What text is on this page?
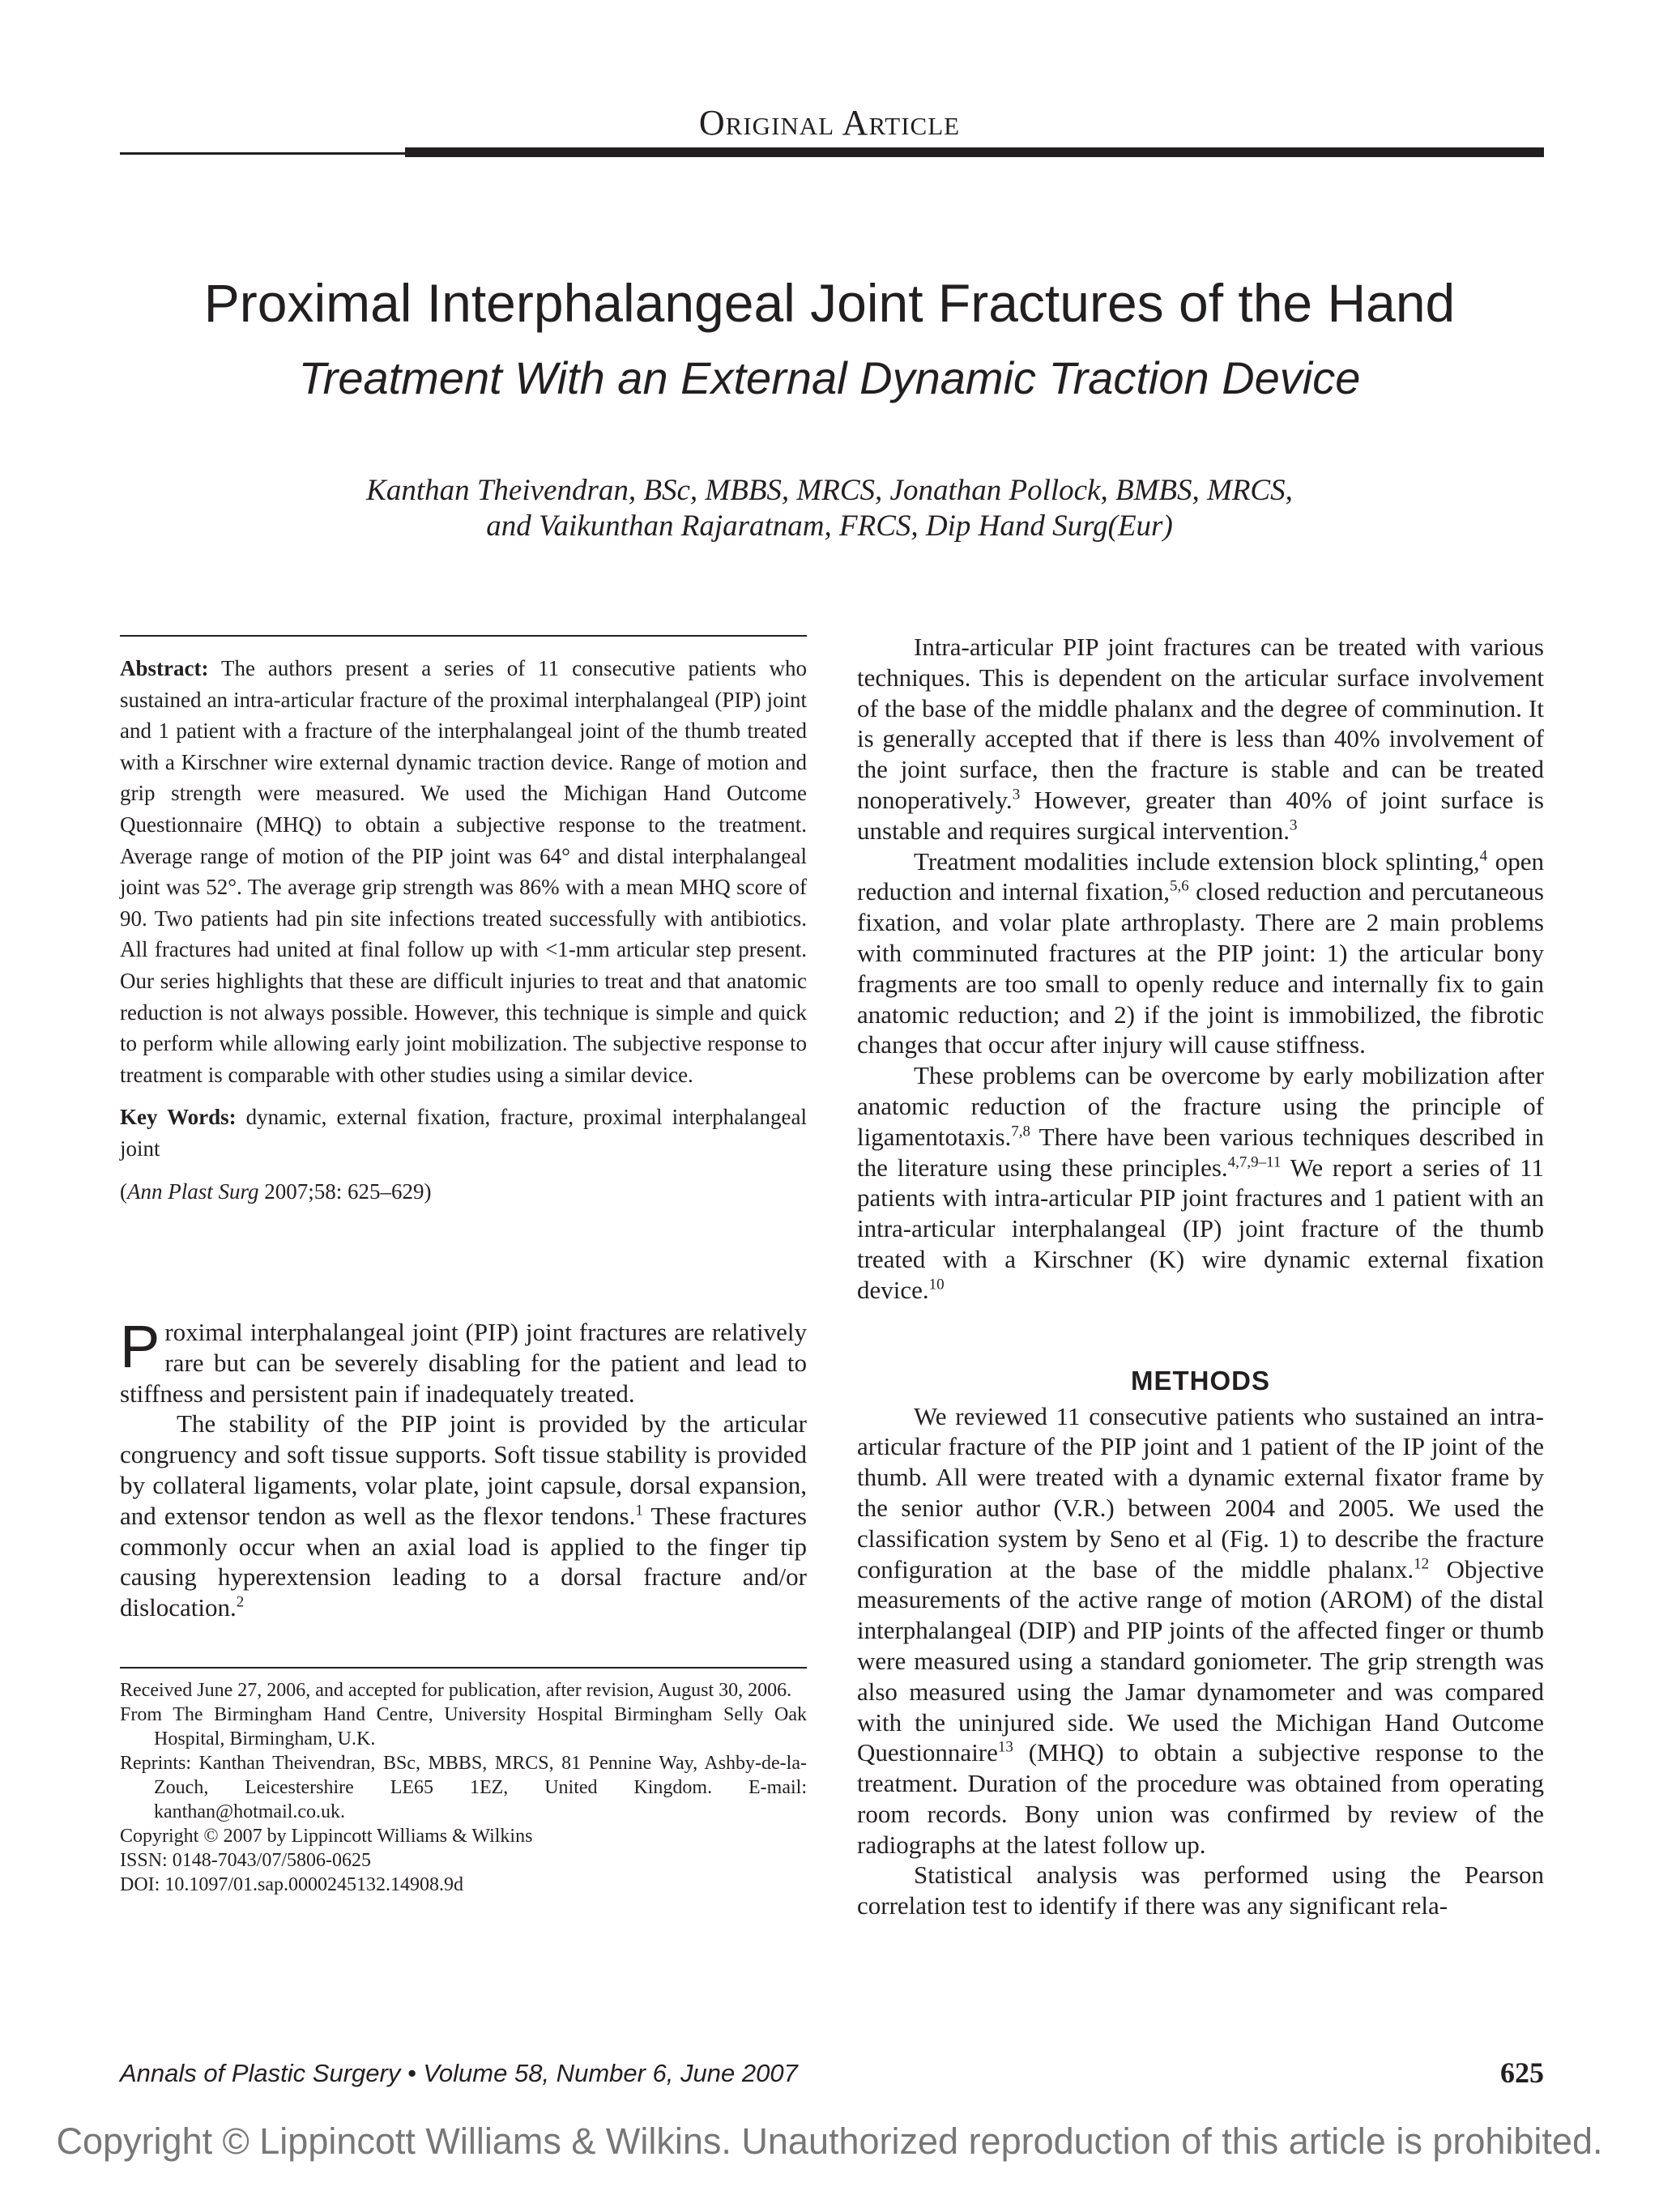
Original Article
Proximal Interphalangeal Joint Fractures of the Hand
Treatment With an External Dynamic Traction Device
Kanthan Theivendran, BSc, MBBS, MRCS, Jonathan Pollock, BMBS, MRCS,
and Vaikunthan Rajaratnam, FRCS, Dip Hand Surg(Eur)

Abstract: The authors present a series of 11 consecutive patients who sustained an intra-articular fracture of the proximal interphalangeal (PIP) joint and 1 patient with a fracture of the interphalangeal joint of the thumb treated with a Kirschner wire external dynamic traction device. Range of motion and grip strength were measured. We used the Michigan Hand Outcome Questionnaire (MHQ) to obtain a subjective response to the treatment. Average range of motion of the PIP joint was 64° and distal interphalangeal joint was 52°. The average grip strength was 86% with a mean MHQ score of 90. Two patients had pin site infections treated successfully with antibiotics. All fractures had united at final follow up with <1-mm articular step present. Our series highlights that these are difficult injuries to treat and that anatomic reduction is not always possible. However, this technique is simple and quick to perform while allowing early joint mobilization. The subjective response to treatment is comparable with other studies using a similar device.

Key Words: dynamic, external fixation, fracture, proximal interphalangeal joint

(Ann Plast Surg 2007;58: 625–629)

Proximal interphalangeal joint (PIP) joint fractures are relatively rare but can be severely disabling for the patient and lead to stiffness and persistent pain if inadequately treated.

The stability of the PIP joint is provided by the articular congruency and soft tissue supports. Soft tissue stability is provided by collateral ligaments, volar plate, joint capsule, dorsal expansion, and extensor tendon as well as the flexor tendons.$^1$ These fractures commonly occur when an axial load is applied to the finger tip causing hyperextension leading to a dorsal fracture and/or dislocation.$^2$

Received June 27, 2006, and accepted for publication, after revision, August 30, 2006.

From The Birmingham Hand Centre, University Hospital Birmingham Selly Oak Hospital, Birmingham, U.K.

Reprints: Kanthan Theivendran, BSc, MBBS, MRCS, 81 Pennine Way, Ashby-de-la-Zouch, Leicestershire LE65 1EZ, United Kingdom. E-mail: kanthan@hotmail.co.uk.

Copyright © 2007 by Lippincott Williams & Wilkins

ISSN: 0148-7043/07/5806-0625

DOI: 10.1097/01.sap.0000245132.14908.9d

Intra-articular PIP joint fractures can be treated with various techniques. This is dependent on the articular surface involvement of the base of the middle phalanx and the degree of comminution. It is generally accepted that if there is less than 40% involvement of the joint surface, then the fracture is stable and can be treated nonoperatively.$^3$ However, greater than 40% of joint surface is unstable and requires surgical intervention.$^3$

Treatment modalities include extension block splinting,$^4$ open reduction and internal fixation,$^{5,6}$ closed reduction and percutaneous fixation, and volar plate arthroplasty. There are 2 main problems with comminuted fractures at the PIP joint: 1) the articular bony fragments are too small to openly reduce and internally fix to gain anatomic reduction; and 2) if the joint is immobilized, the fibrotic changes that occur after injury will cause stiffness.

These problems can be overcome by early mobilization after anatomic reduction of the fracture using the principle of ligamentotaxis.$^{7,8}$ There have been various techniques described in the literature using these principles.$^{4,7,9-11}$ We report a series of 11 patients with intra-articular PIP joint fractures and 1 patient with an intra-articular interphalangeal (IP) joint fracture of the thumb treated with a Kirschner (K) wire dynamic external fixation device.$^{10}$

METHODS

We reviewed 11 consecutive patients who sustained an intra-articular fracture of the PIP joint and 1 patient of the IP joint of the thumb. All were treated with a dynamic external fixator frame by the senior author (V.R.) between 2004 and 2005. We used the classification system by Seno et al (Fig. 1) to describe the fracture configuration at the base of the middle phalanx.$^{12}$ Objective measurements of the active range of motion (AROM) of the distal interphalangeal (DIP) and PIP joints of the affected finger or thumb were measured using a standard goniometer. The grip strength was also measured using the Jamar dynamometer and was compared with the uninjured side. We used the Michigan Hand Outcome Questionnaire$^{13}$ (MHQ) to obtain a subjective response to the treatment. Duration of the procedure was obtained from operating room records. Bony union was confirmed by review of the radiographs at the latest follow up.

Statistical analysis was performed using the Pearson correlation test to identify if there was any significant rela-

Annals of Plastic Surgery • Volume 58, Number 6, June 2007	625
Copyright © Lippincott Williams & Wilkins. Unauthorized reproduction of this article is prohibited.
